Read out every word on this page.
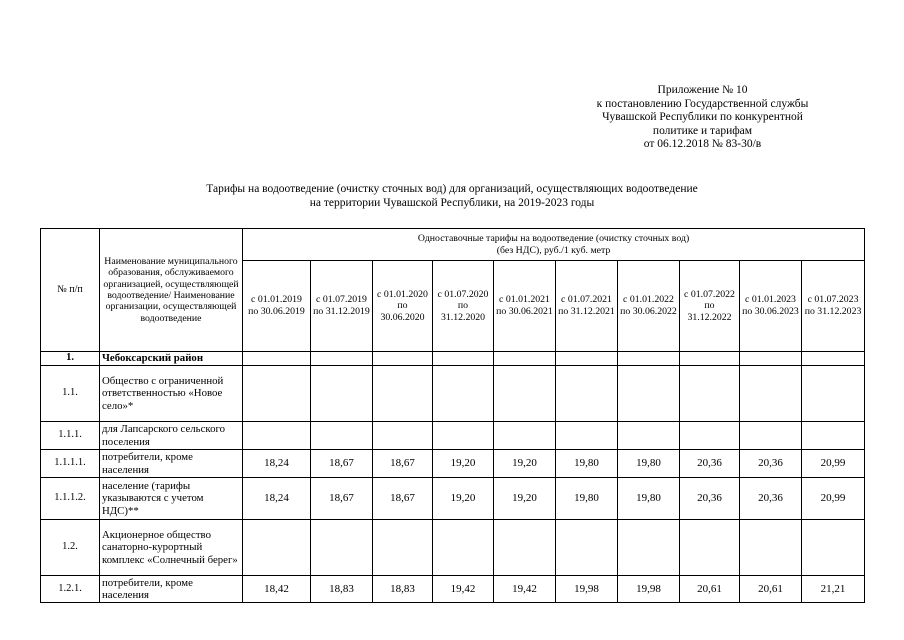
Приложение № 10
к постановлению Государственной службы
Чувашской Республики по конкурентной
политике и тарифам
от 06.12.2018 № 83-30/в
Тарифы на водоотведение (очистку сточных вод) для организаций, осуществляющих водоотведение
на территории Чувашской Республики, на 2019-2023 годы
№ п/п	Наименование муниципального образования, обслуживаемого организацией, осуществляющей водоотведение/ Наименование организации, осуществляющей водоотведение	Одноставочные тарифы на водоотведение (очистку сточных вод)
(без НДС), руб./1 куб. метр									

		с 01.01.2019 по 30.06.2019	с 01.07.2019 по 31.12.2019	с 01.01.2020 по 30.06.2020	с 01.07.2020 по 31.12.2020	с 01.01.2021 по 30.06.2021	с 01.07.2021 по 31.12.2021	с 01.01.2022 по 30.06.2022	с 01.07.2022 по 31.12.2022	с 01.01.2023 по 30.06.2023	с 01.07.2023 по 31.12.2023
1.	Чебоксарский район										
1.1.	Общество с ограниченной ответственностью «Новое село»*										
1.1.1.	для Лапсарского сельского поселения										
1.1.1.1.	потребители, кроме населения	18,24	18,67	18,67	19,20	19,20	19,80	19,80	20,36	20,36	20,99
1.1.1.2.	население (тарифы указываются с учетом НДС)**	18,24	18,67	18,67	19,20	19,20	19,80	19,80	20,36	20,36	20,99
1.2.	Акционерное общество санаторно-курортный комплекс «Солнечный берег»										
1.2.1.	потребители, кроме населения	18,42	18,83	18,83	19,42	19,42	19,98	19,98	20,61	20,61	21,21
